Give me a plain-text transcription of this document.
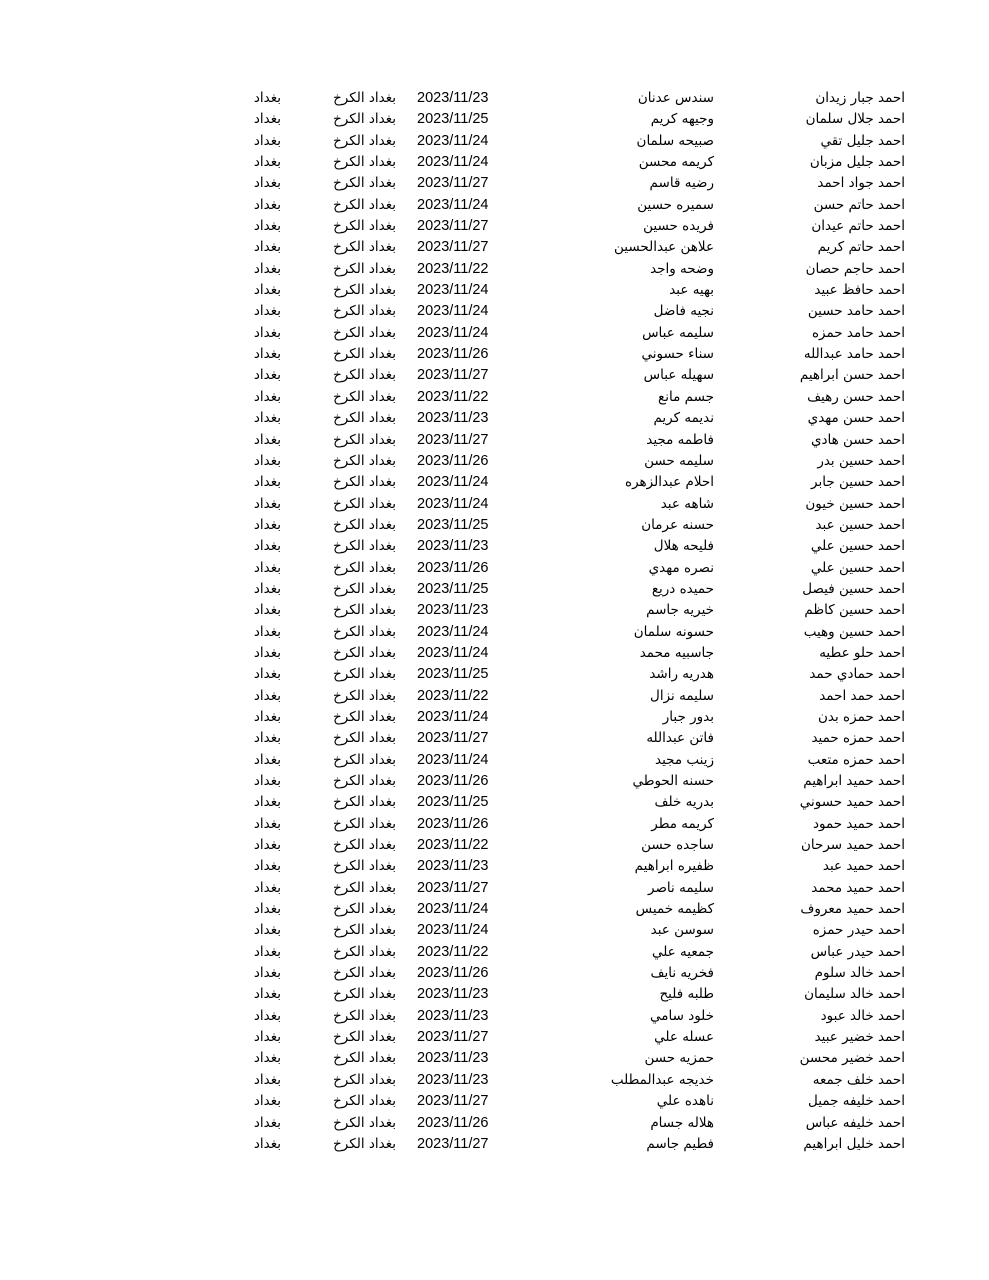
احمد جبار زيدان
سندس عدنان
2023/11/23
بغداد الكرخ
بغداد
احمد جلال سلمان
وجيهه كريم
2023/11/25
بغداد الكرخ
بغداد
احمد جليل تقي
صبيحه سلمان
2023/11/24
بغداد الكرخ
بغداد
احمد جليل مزبان
كريمه محسن
2023/11/24
بغداد الكرخ
بغداد
احمد جواد احمد
رضيه قاسم
2023/11/27
بغداد الكرخ
بغداد
احمد حاتم حسن
سميره حسين
2023/11/24
بغداد الكرخ
بغداد
احمد حاتم عيدان
فريده حسين
2023/11/27
بغداد الكرخ
بغداد
احمد حاتم كريم
علاهن عبدالحسين
2023/11/27
بغداد الكرخ
بغداد
احمد حاجم حصان
وضحه واجد
2023/11/22
بغداد الكرخ
بغداد
احمد حافظ عبيد
بهيه عبد
2023/11/24
بغداد الكرخ
بغداد
احمد حامد حسين
نجيه فاضل
2023/11/24
بغداد الكرخ
بغداد
احمد حامد حمزه
سليمه عباس
2023/11/24
بغداد الكرخ
بغداد
احمد حامد عبدالله
سناء حسوني
2023/11/26
بغداد الكرخ
بغداد
احمد حسن ابراهيم
سهيله عباس
2023/11/27
بغداد الكرخ
بغداد
احمد حسن رهيف
جسم مانع
2023/11/22
بغداد الكرخ
بغداد
احمد حسن مهدي
نديمه كريم
2023/11/23
بغداد الكرخ
بغداد
احمد حسن هادي
فاطمه مجيد
2023/11/27
بغداد الكرخ
بغداد
احمد حسين بدر
سليمه حسن
2023/11/26
بغداد الكرخ
بغداد
احمد حسين جابر
احلام عبدالزهره
2023/11/24
بغداد الكرخ
بغداد
احمد حسين خيون
شاهه عبد
2023/11/24
بغداد الكرخ
بغداد
احمد حسين عبد
حسنه عرمان
2023/11/25
بغداد الكرخ
بغداد
احمد حسين علي
فليحه هلال
2023/11/23
بغداد الكرخ
بغداد
احمد حسين علي
نصره مهدي
2023/11/26
بغداد الكرخ
بغداد
احمد حسين فيصل
حميده دريع
2023/11/25
بغداد الكرخ
بغداد
احمد حسين كاظم
خيريه جاسم
2023/11/23
بغداد الكرخ
بغداد
احمد حسين وهيب
حسونه سلمان
2023/11/24
بغداد الكرخ
بغداد
احمد حلو عطيه
جاسبيه محمد
2023/11/24
بغداد الكرخ
بغداد
احمد حمادي حمد
هدريه راشد
2023/11/25
بغداد الكرخ
بغداد
احمد حمد احمد
سليمه نزال
2023/11/22
بغداد الكرخ
بغداد
احمد حمزه بدن
بدور جبار
2023/11/24
بغداد الكرخ
بغداد
احمد حمزه حميد
فاتن عبدالله
2023/11/27
بغداد الكرخ
بغداد
احمد حمزه متعب
زينب مجيد
2023/11/24
بغداد الكرخ
بغداد
احمد حميد ابراهيم
حسنه الحوطي
2023/11/26
بغداد الكرخ
بغداد
احمد حميد حسوني
بدريه خلف
2023/11/25
بغداد الكرخ
بغداد
احمد حميد حمود
كريمه مطر
2023/11/26
بغداد الكرخ
بغداد
احمد حميد سرحان
ساجده حسن
2023/11/22
بغداد الكرخ
بغداد
احمد حميد عبد
ظفيره ابراهيم
2023/11/23
بغداد الكرخ
بغداد
احمد حميد محمد
سليمه ناصر
2023/11/27
بغداد الكرخ
بغداد
احمد حميد معروف
كظيمه خميس
2023/11/24
بغداد الكرخ
بغداد
احمد حيدر حمزه
سوسن عبد
2023/11/24
بغداد الكرخ
بغداد
احمد حيدر عباس
جمعيه علي
2023/11/22
بغداد الكرخ
بغداد
احمد خالد سلوم
فخريه نايف
2023/11/26
بغداد الكرخ
بغداد
احمد خالد سليمان
طلبه فليح
2023/11/23
بغداد الكرخ
بغداد
احمد خالد عبود
خلود سامي
2023/11/23
بغداد الكرخ
بغداد
احمد خضير عبيد
عسله علي
2023/11/27
بغداد الكرخ
بغداد
احمد خضير محسن
حمزيه حسن
2023/11/23
بغداد الكرخ
بغداد
احمد خلف جمعه
خديجه عبدالمطلب
2023/11/23
بغداد الكرخ
بغداد
احمد خليفه جميل
ناهده علي
2023/11/27
بغداد الكرخ
بغداد
احمد خليفه عباس
هلاله جسام
2023/11/26
بغداد الكرخ
بغداد
احمد خليل ابراهيم
فطيم جاسم
2023/11/27
بغداد الكرخ
بغداد
